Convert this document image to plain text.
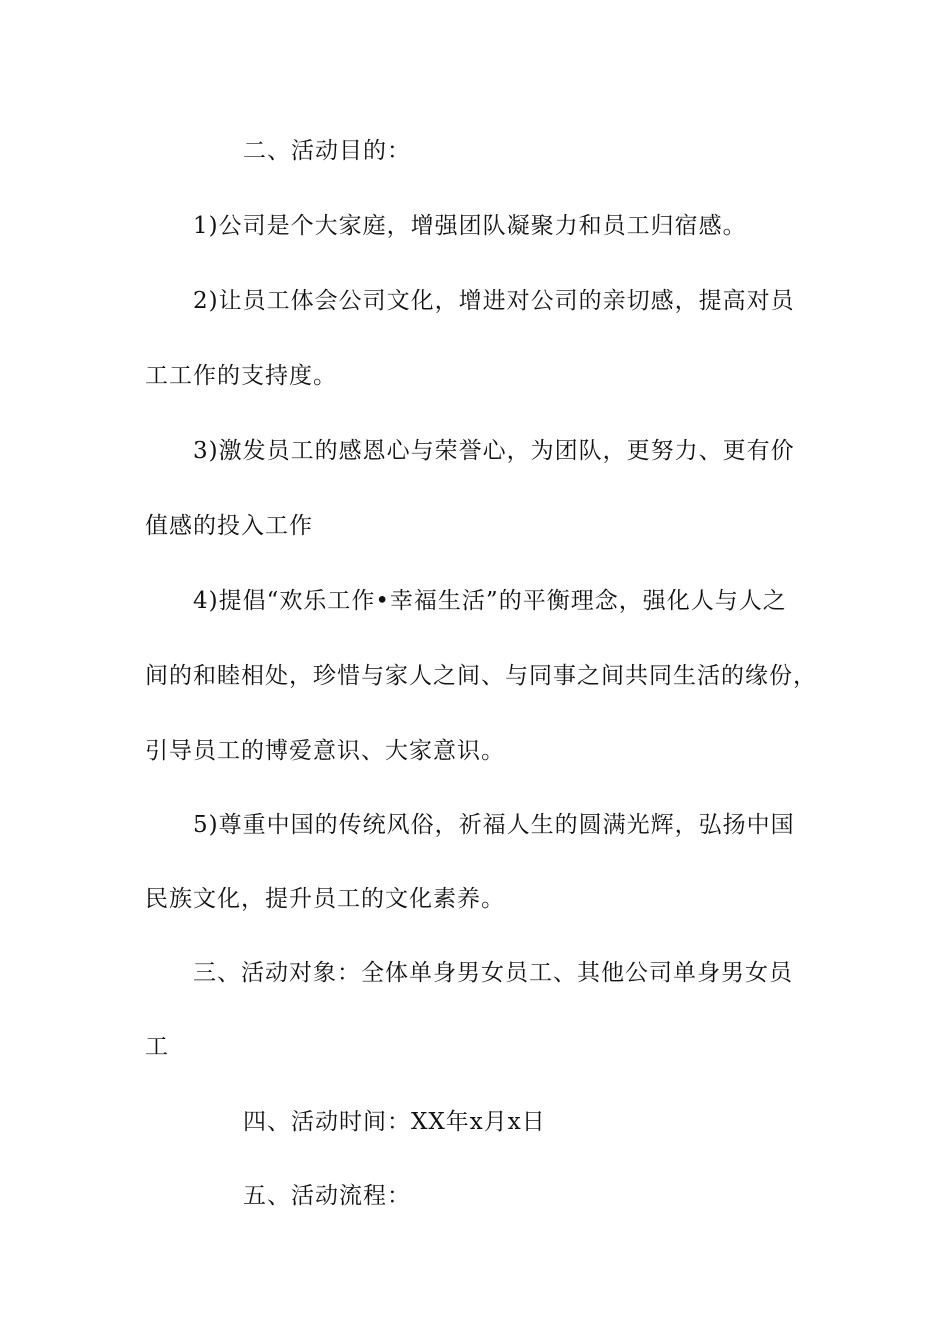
二、活动目的：
1)公司是个大家庭，增强团队凝聚力和员工归宿感。
2)让员工体会公司文化，增进对公司的亲切感，提高对员
工工作的支持度。
3)激发员工的感恩心与荣誉心，为团队，更努力、更有价
值感的投入工作
4)提倡“欢乐工作•幸福生活”的平衡理念，强化人与人之
间的和睦相处，珍惜与家人之间、与同事之间共同生活的缘份，
引导员工的博爱意识、大家意识。
5)尊重中国的传统风俗，祈福人生的圆满光辉，弘扬中国
民族文化，提升员工的文化素养。
三、活动对象：全体单身男女员工、其他公司单身男女员
工
四、活动时间：XX年x月x日
五、活动流程：
